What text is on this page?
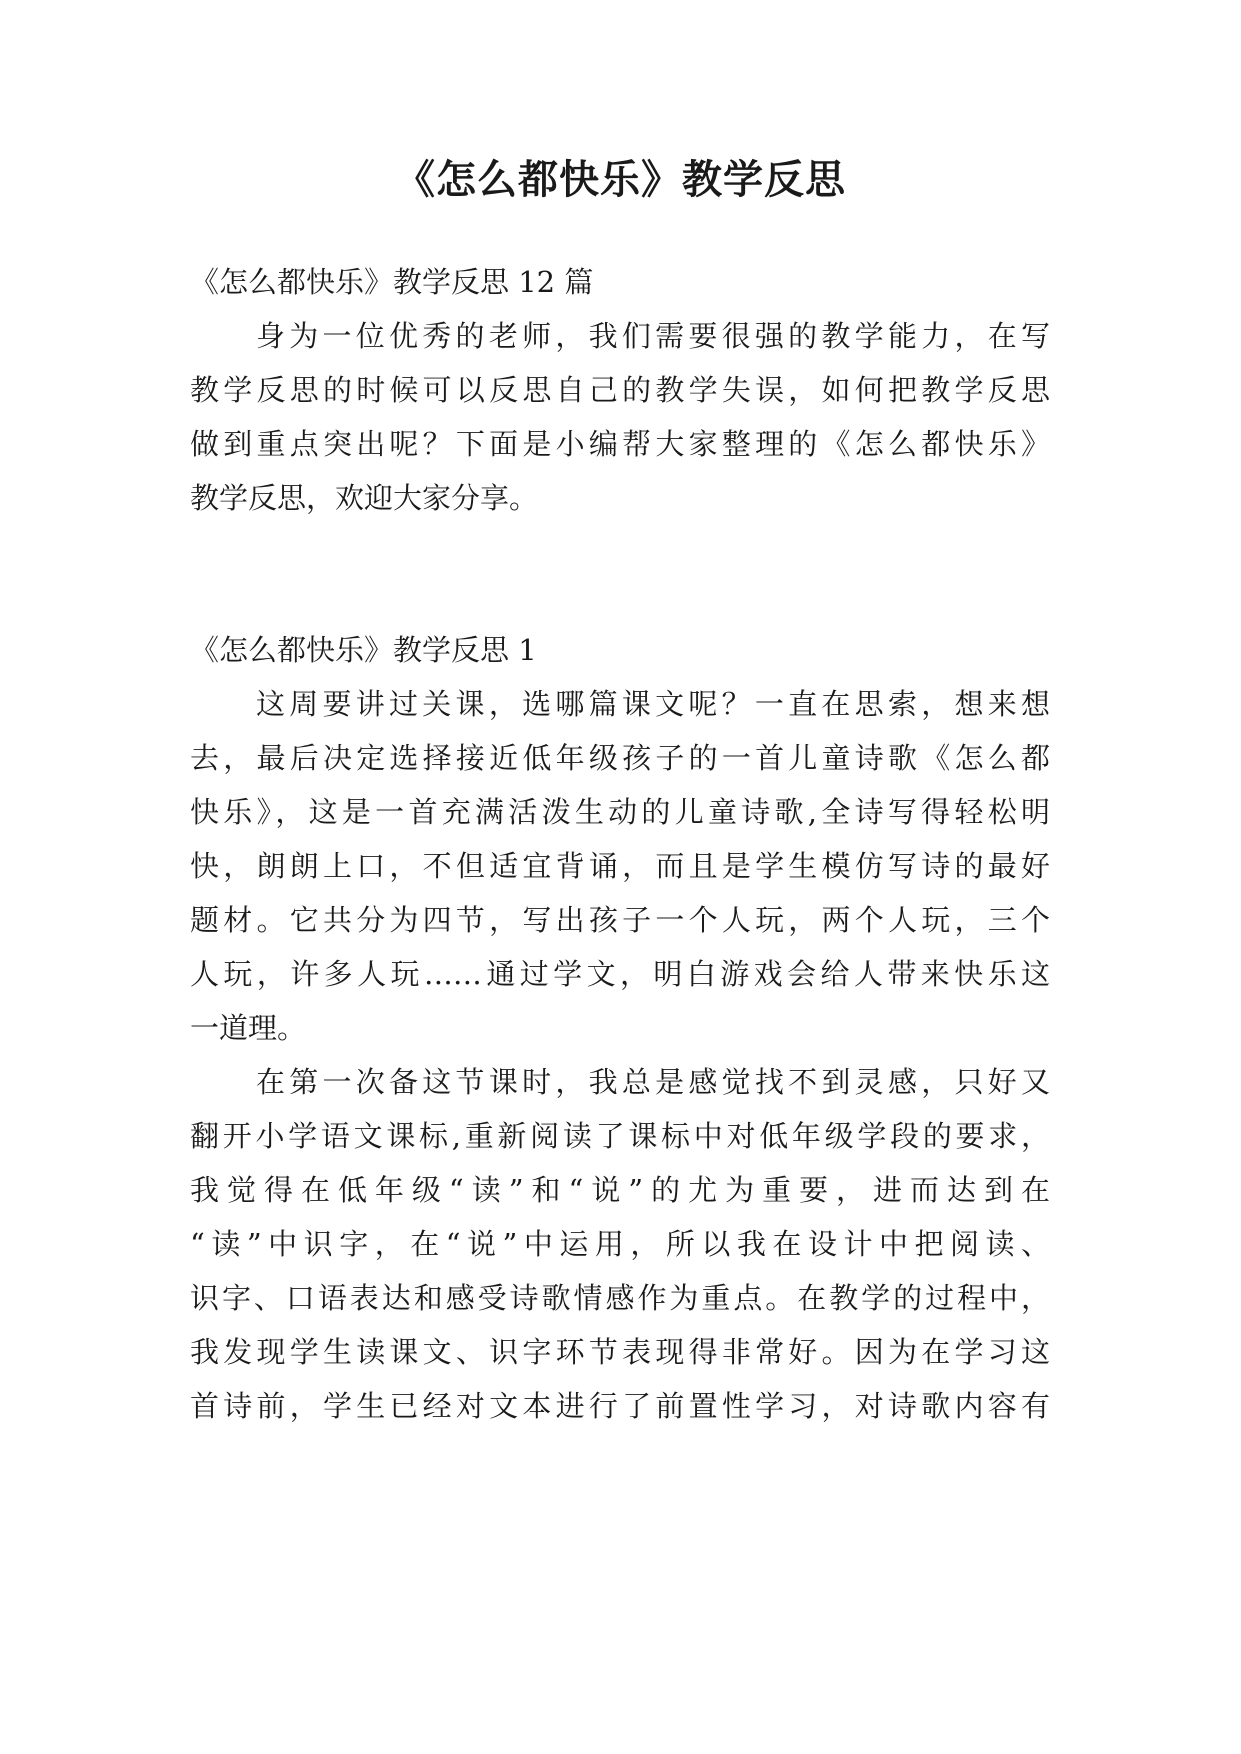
《怎么都快乐》教学反思

《怎么都快乐》教学反思 12 篇

身为一位优秀的老师，我们需要很强的教学能力，在写

教学反思的时候可以反思自己的教学失误，如何把教学反思

做到重点突出呢？下面是小编帮大家整理的《怎么都快乐》

教学反思，欢迎大家分享。

《怎么都快乐》教学反思 1

这周要讲过关课，选哪篇课文呢？一直在思索，想来想

去，最后决定选择接近低年级孩子的一首儿童诗歌《怎么都

快乐》，这是一首充满活泼生动的儿童诗歌,全诗写得轻松明

快，朗朗上口，不但适宜背诵，而且是学生模仿写诗的最好

题材。它共分为四节，写出孩子一个人玩，两个人玩，三个

人玩，许多人玩……通过学文，明白游戏会给人带来快乐这

一道理。

在第一次备这节课时，我总是感觉找不到灵感，只好又

翻开小学语文课标,重新阅读了课标中对低年级学段的要求，

我觉得在低年级“读”和“说”的尤为重要，进而达到在

“读”中识字，在“说”中运用，所以我在设计中把阅读、

识字、口语表达和感受诗歌情感作为重点。在教学的过程中，

我发现学生读课文、识字环节表现得非常好。因为在学习这

首诗前，学生已经对文本进行了前置性学习，对诗歌内容有
